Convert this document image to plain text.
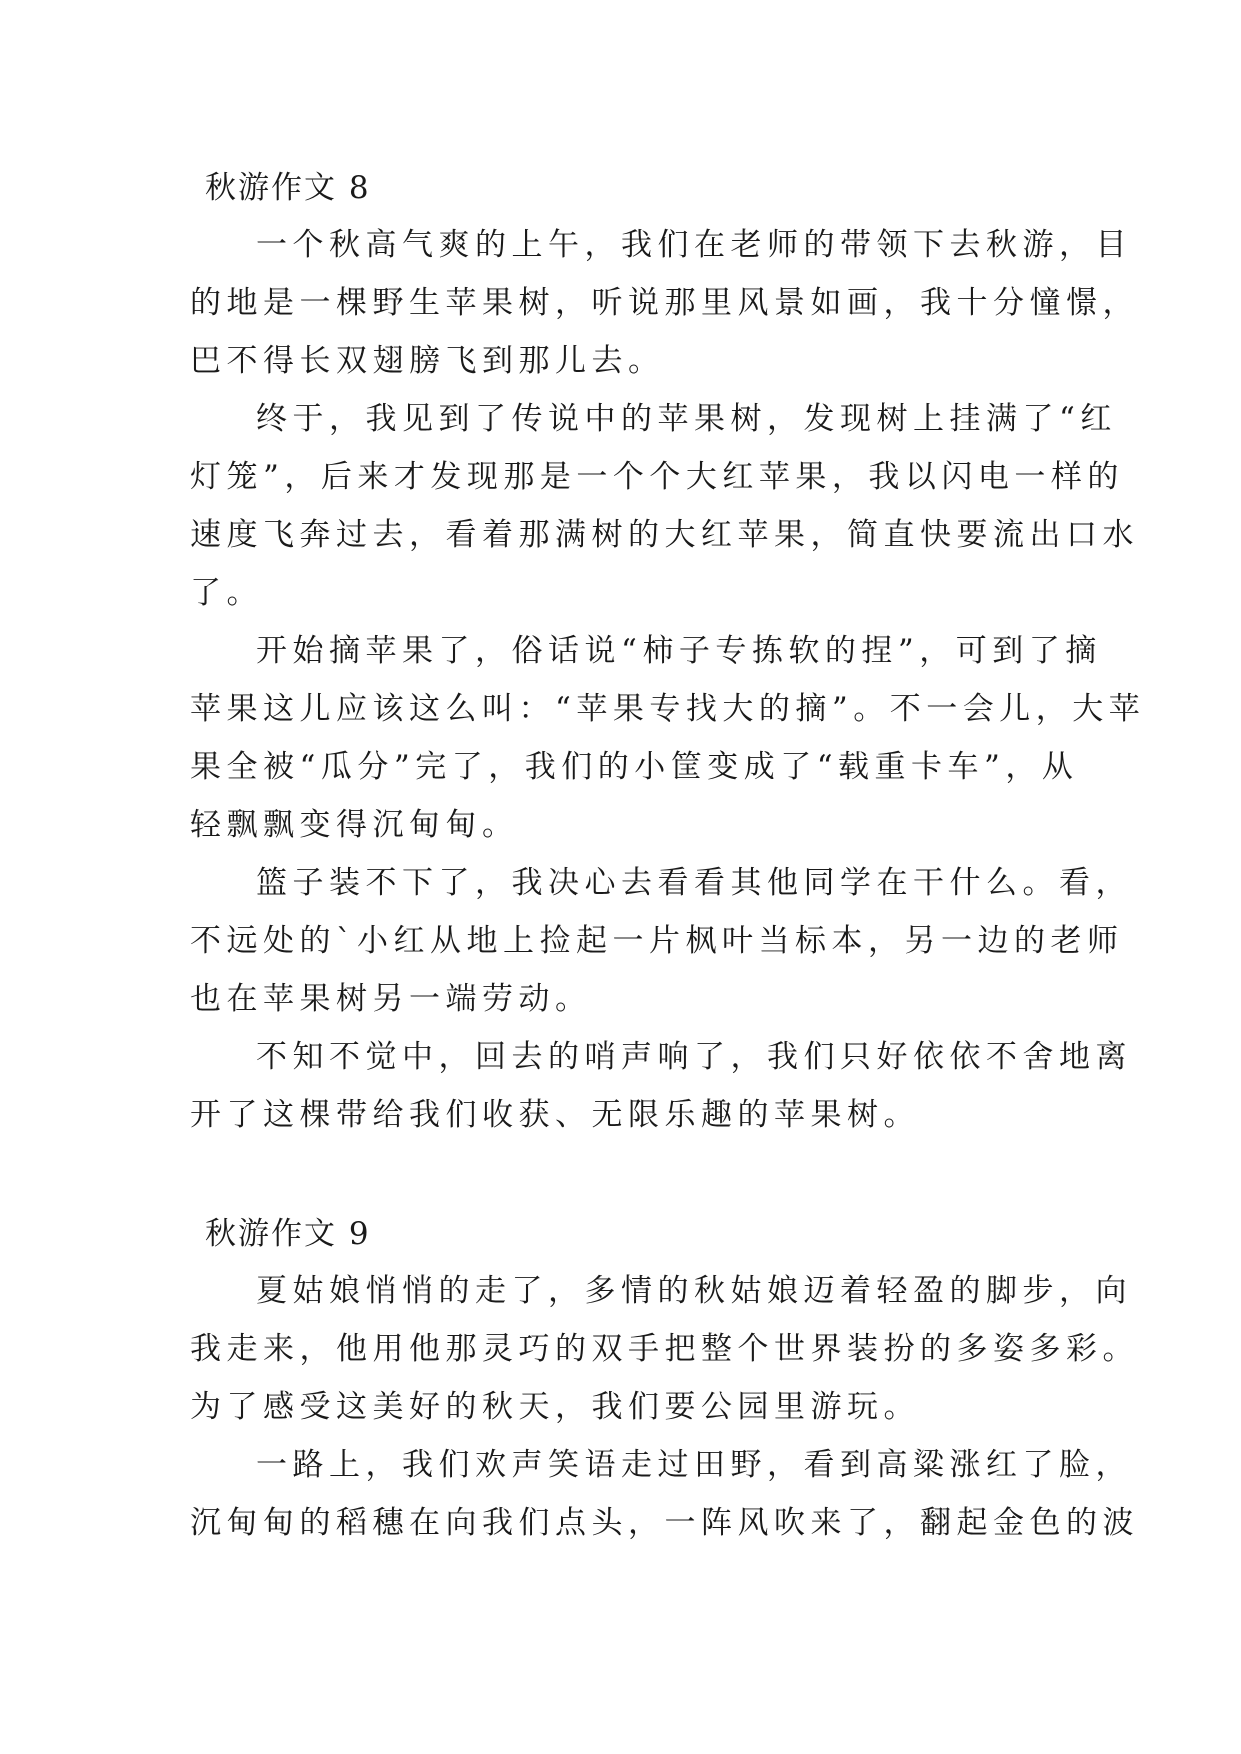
秋游作文 8

一个秋高气爽的上午，我们在老师的带领下去秋游，目

的地是一棵野生苹果树，听说那里风景如画，我十分憧憬，

巴不得长双翅膀飞到那儿去。

终于，我见到了传说中的苹果树，发现树上挂满了“红

灯笼”，后来才发现那是一个个大红苹果，我以闪电一样的

速度飞奔过去，看着那满树的大红苹果，简直快要流出口水

了。

开始摘苹果了，俗话说“柿子专拣软的捏”，可到了摘

苹果这儿应该这么叫：“苹果专找大的摘”。不一会儿，大苹

果全被“瓜分”完了，我们的小筐变成了“载重卡车”，从

轻飘飘变得沉甸甸。

篮子装不下了，我决心去看看其他同学在干什么。看，

不远处的`小红从地上捡起一片枫叶当标本，另一边的老师

也在苹果树另一端劳动。

不知不觉中，回去的哨声响了，我们只好依依不舍地离

开了这棵带给我们收获、无限乐趣的苹果树。

秋游作文 9

夏姑娘悄悄的走了，多情的秋姑娘迈着轻盈的脚步，向

我走来，他用他那灵巧的双手把整个世界装扮的多姿多彩。

为了感受这美好的秋天，我们要公园里游玩。

一路上，我们欢声笑语走过田野，看到高粱涨红了脸，

沉甸甸的稻穗在向我们点头，一阵风吹来了，翻起金色的波
